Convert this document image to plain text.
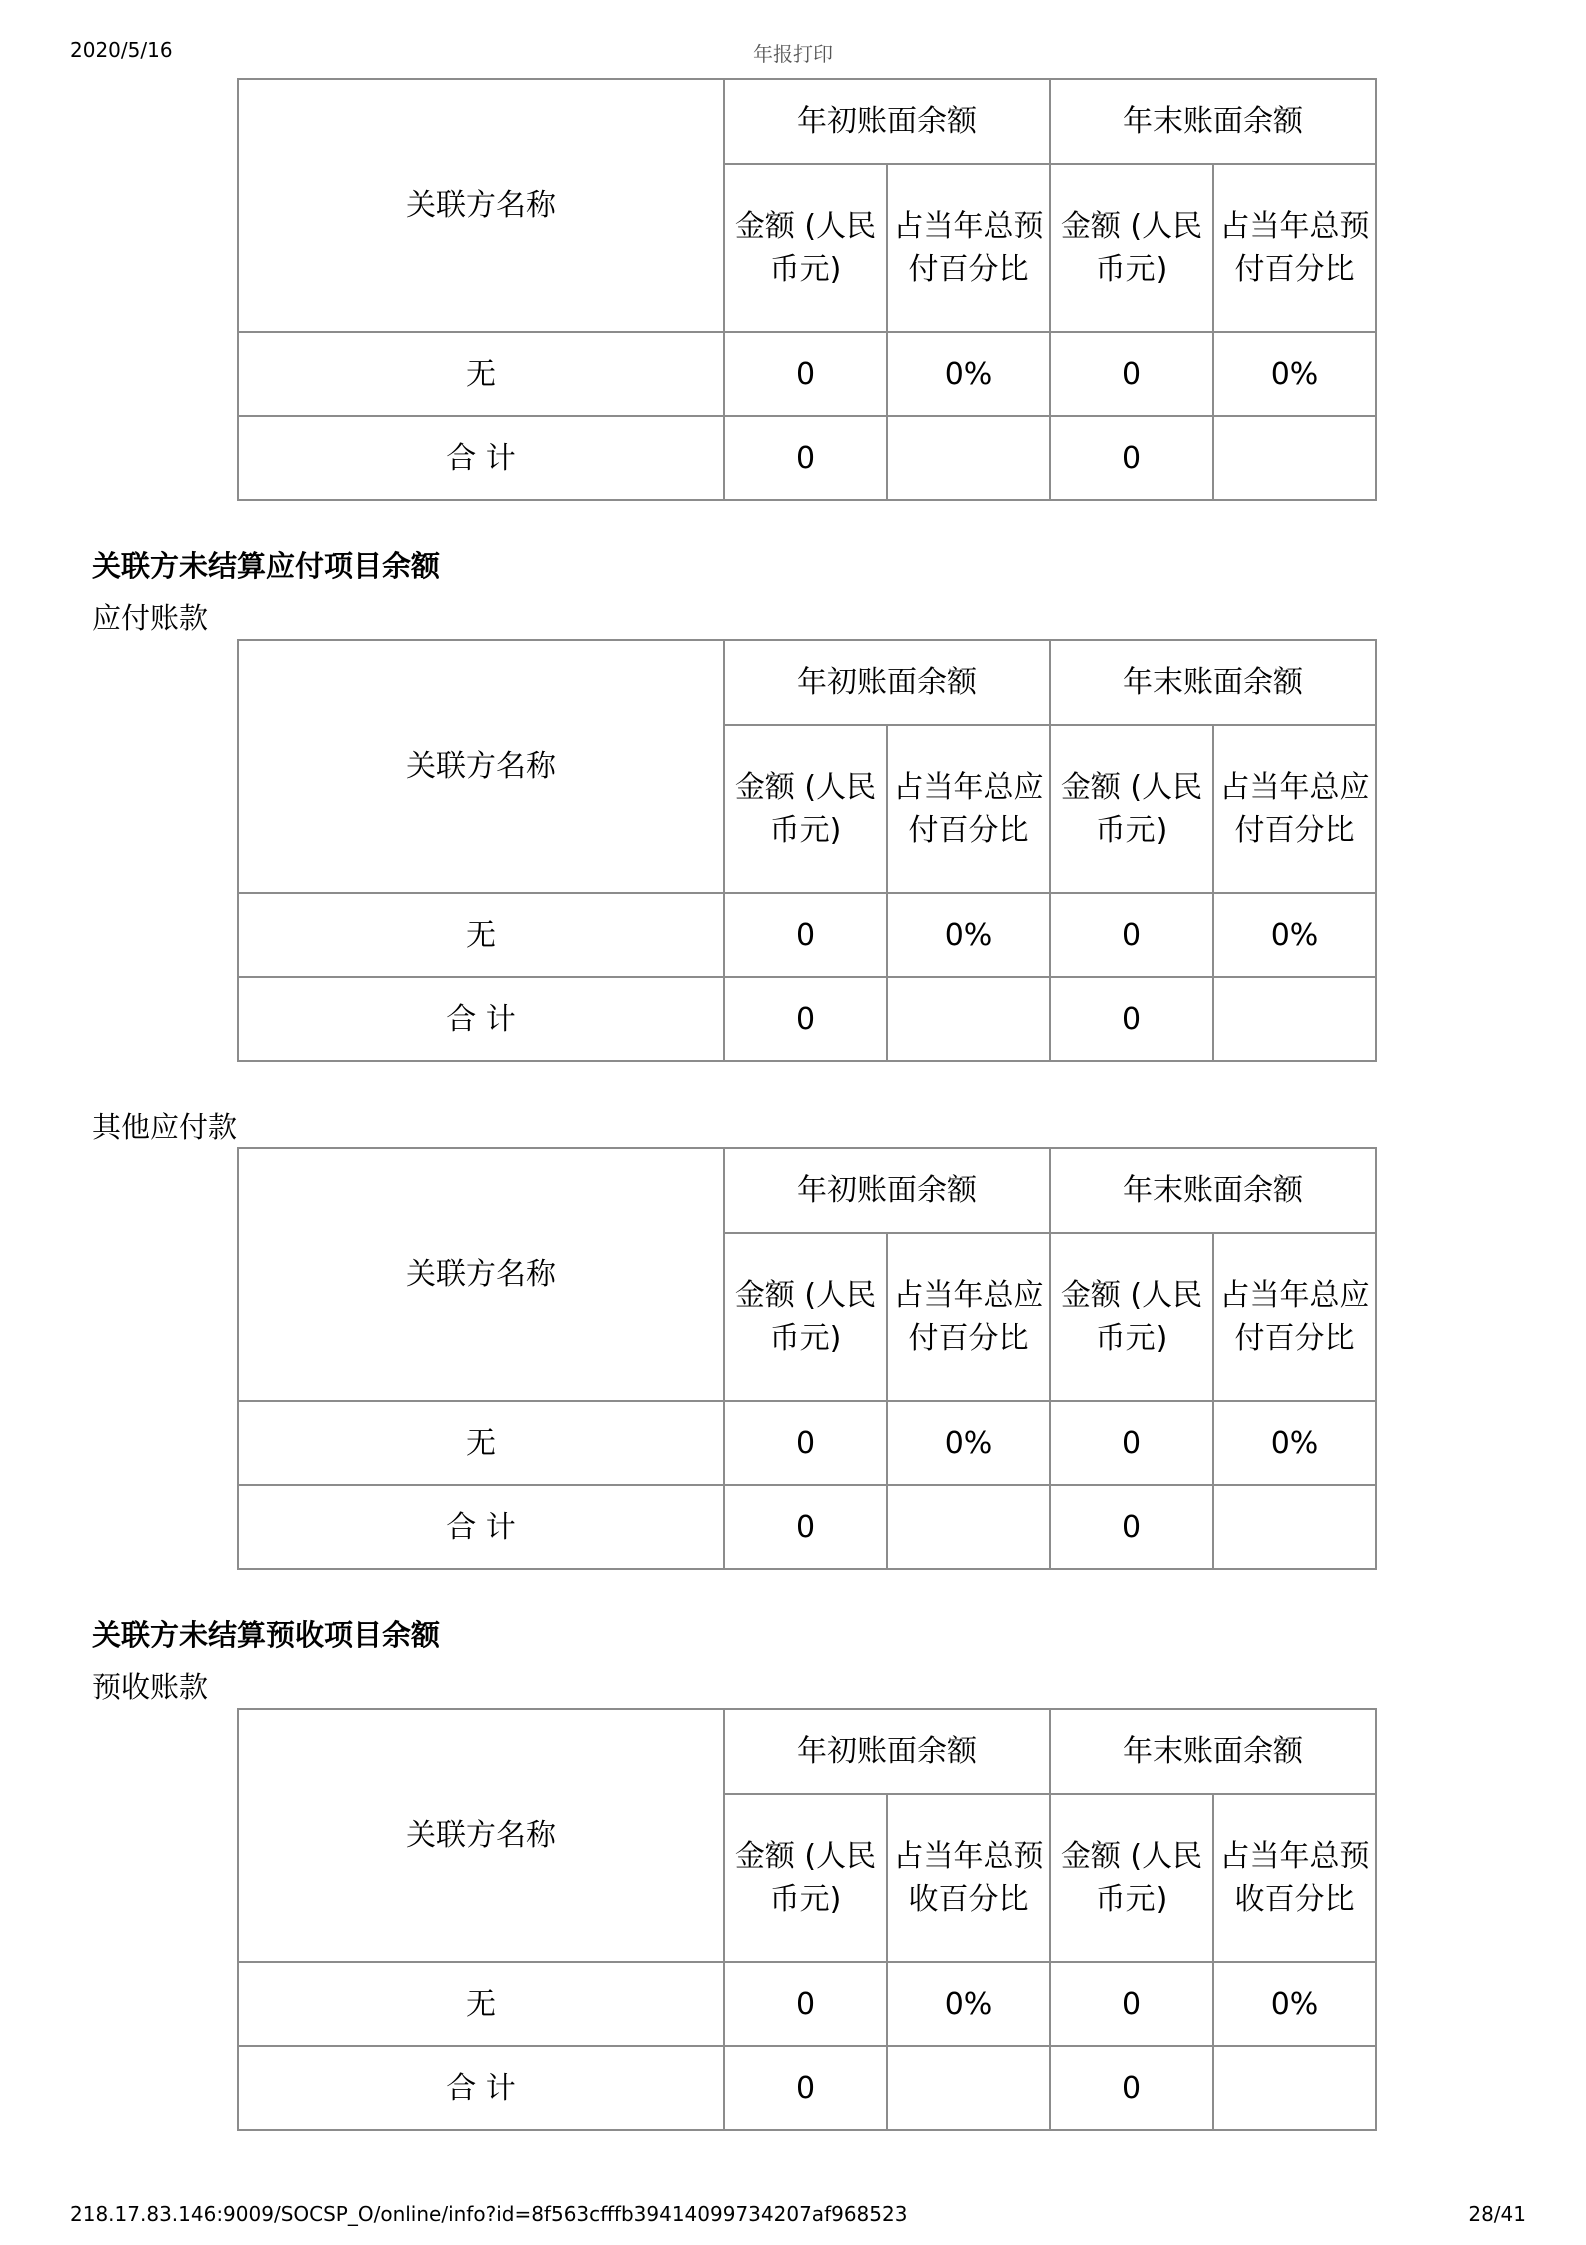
2020/5/16	年报打印
关联方名称	年初账面余额		年末账面余额	
	金额 (人民币元)	占当年总预付百分比	金额 (人民币元)	占当年总预付百分比
无	0	0%	0	0%
合 计	0		0	
关联方未结算应付项目余额
应付账款
关联方名称	年初账面余额		年末账面余额	
	金额 (人民币元)	占当年总应付百分比	金额 (人民币元)	占当年总应付百分比
无	0	0%	0	0%
合 计	0		0	
其他应付款
关联方名称	年初账面余额		年末账面余额	
	金额 (人民币元)	占当年总应付百分比	金额 (人民币元)	占当年总应付百分比
无	0	0%	0	0%
合 计	0		0	
关联方未结算预收项目余额
预收账款
关联方名称	年初账面余额		年末账面余额	
	金额 (人民币元)	占当年总预收百分比	金额 (人民币元)	占当年总预收百分比
无	0	0%	0	0%
合 计	0		0	
218.17.83.146:9009/SOCSP_O/online/info?id=8f563cfffb39414099734207af968523	28/41
